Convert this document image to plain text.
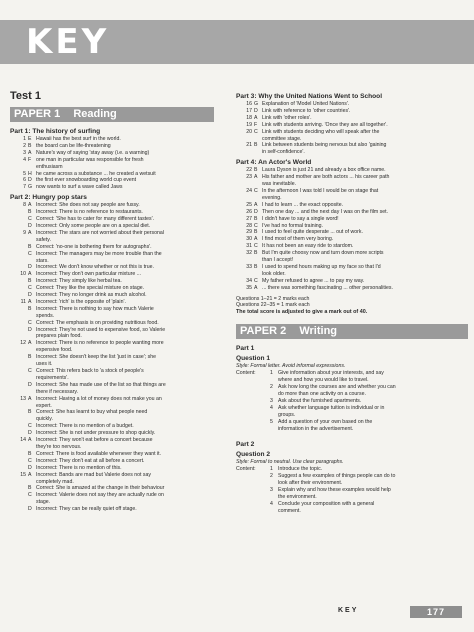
KEY
Test 1
PAPER 1 Reading
Part 1: The history of surfing
1 E Hawaii has the best surf in the world.
2 B the board can be life-threatening
3 A Nature's way of saying 'stay away (i.e. a warning)
4 F one man in particular was responsible for fresh
enthusiasm
5 H he came across a substance ... he created a wetsuit
6 D the first ever snowboarding world cup event
7 G now wants to surf a wave called Jaws
Part 2: Hungry pop stars
8 A Incorrect: She does not say people are fussy.
B Incorrect: There is no reference to restaurants.
C Correct: 'She has to cater for many different tastes'.
D Incorrect: Only some people are on a special diet.
9 A Incorrect: The stars are not worried about their personal
safety.
B Correct: 'no-one is bothering them for autographs'.
C Incorrect: The managers may be more trouble than the
stars.
D Incorrect: We don't know whether or not this is true.
10 A Incorrect: They don't own particular mixture ...
B Incorrect: They simply like herbal tea.
C Correct: They like the special mixture on stage.
D Incorrect: They no longer drink as much alcohol.
11 A Incorrect: 'rich' is the opposite of 'plain'.
B Incorrect: There is nothing to say how much Valerie
spends.
C Correct: The emphasis is on providing nutritious food.
D Incorrect: They're not used to expensive food, so Valerie
prepares plain food.
12 A Incorrect: There is no reference to people wanting more
expensive food.
B Incorrect: She doesn't keep the list 'just in case'; she
uses it.
C Correct: This refers back to 'a stock of people's
requirements'.
D Incorrect: She has made use of the list so that things are
there if necessary.
13 A Incorrect: Having a lot of money does not make you an
expert.
B Correct: She has learnt to buy what people need
quickly.
C Incorrect: There is no mention of a budget.
D Incorrect: She is not under pressure to shop quickly.
14 A Incorrect: They won't eat before a concert because
they're too nervous.
B Correct: There is food available whenever they want it.
C Incorrect: They don't eat at all before a concert.
D Incorrect: There is no mention of this.
15 A Incorrect: Bands are mad but Valerie does not say
completely mad.
B Correct: She is amazed at the change in their behaviour
C Incorrect: Valerie does not say they are actually rude on
stage.
D Incorrect: They can be really quiet off stage.
Part 3: Why the United Nations Went to School
16 G Explanation of 'Model United Nations'.
17 D Link with reference to 'other countries'.
18 A Link with 'other roles'.
19 F Link with students arriving. 'Once they are all together'.
20 C Link with students deciding who will speak after the
committee stage.
21 B Link between students being nervous but also 'gaining
in self-confidence'.
Part 4: An Actor's World
22 B Laura Dyson is just 21 and already a box office name.
23 A His father and mother are both actors ... his career path
was inevitable.
24 C In the afternoon I was told I would be on stage that
evening.
25 A I had to learn ... the exact opposite.
26 D Then one day ... and the next day I was on the film set.
27 B I didn't have to say a single word!
28 C I've had no formal training.
29 B I used to feel quite desperate ... out of work.
30 A I find most of them very boring.
31 C It has not been an easy ride to stardom.
32 B But I'm quite choosy now and turn down more scripts
than I accept!
33 B I used to spend hours making up my face so that I'd
look older.
34 C My father refused to agree ... to pay my way.
35 A ... there was something fascinating ... other personalities.
Questions 1–21 = 2 marks each
Questions 22–35 = 1 mark each
The total score is adjusted to give a mark out of 40.
PAPER 2 Writing
Part 1
Question 1
Style: Formal letter. Avoid informal expressions.
Content:	1 Give information about your interests, and say
where and how you would like to travel.
2 Ask how long the courses are and whether you can
do more than one activity on a course.
3 Ask about the furnished apartments.
4 Ask whether language tuition is individual or in
groups.
5 Add a question of your own based on the
information in the advertisement.
Part 2
Question 2
Style: Formal to neutral. Use clear paragraphs.
Content:	1 Introduce the topic.
2 Suggest a few examples of things people can do to
look after their environment.
3 Explain why and how these examples would help
the environment.
4 Conclude your composition with a general
comment.
KEY	177
